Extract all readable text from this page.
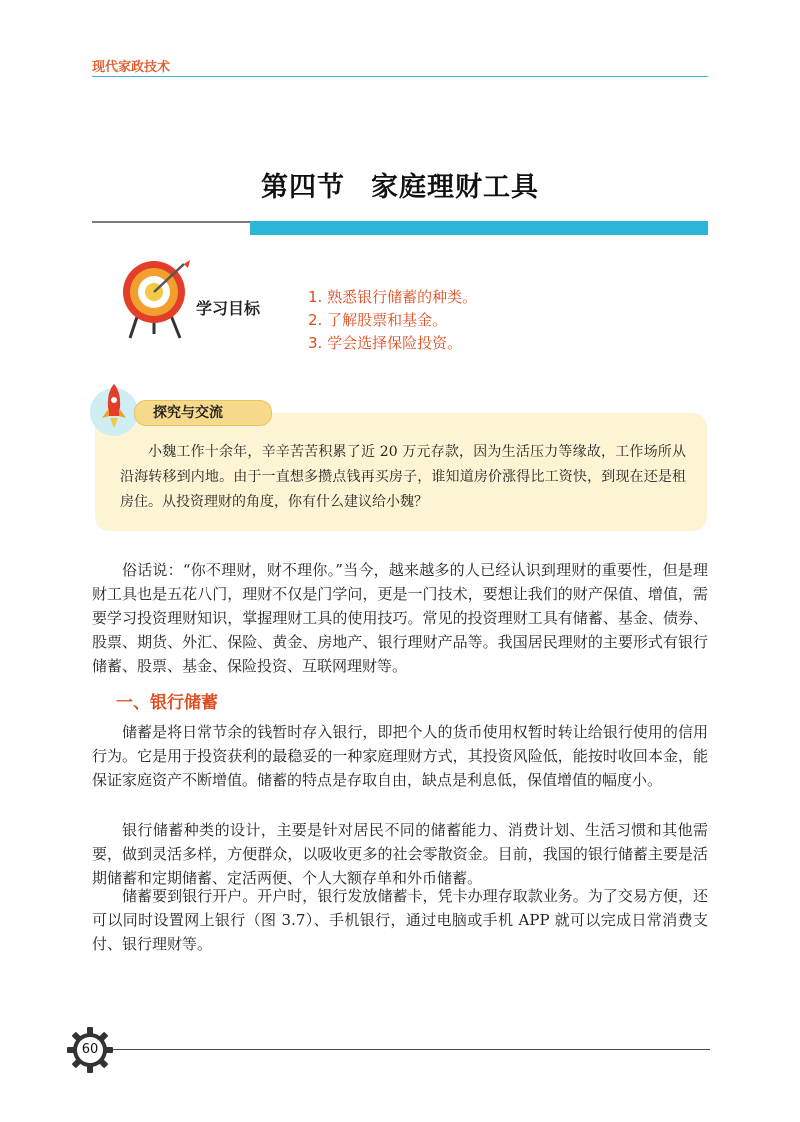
现代家政技术
第四节 家庭理财工具
学习目标
1. 熟悉银行储蓄的种类。
2. 了解股票和基金。
3. 学会选择保险投资。
探究与交流
小魏工作十余年，辛辛苦苦积累了近 20 万元存款，因为生活压力等缘故，工作场所从沿海转移到内地。由于一直想多攒点钱再买房子，谁知道房价涨得比工资快，到现在还是租房住。从投资理财的角度，你有什么建议给小魏？

俗话说：“你不理财，财不理你。”当今，越来越多的人已经认识到理财的重要性，但是理财工具也是五花八门，理财不仅是门学问，更是一门技术，要想让我们的财产保值、增值，需要学习投资理财知识，掌握理财工具的使用技巧。常见的投资理财工具有储蓄、基金、债券、股票、期货、外汇、保险、黄金、房地产、银行理财产品等。我国居民理财的主要形式有银行储蓄、股票、基金、保险投资、互联网理财等。

一、银行储蓄

储蓄是将日常节余的钱暂时存入银行，即把个人的货币使用权暂时转让给银行使用的信用行为。它是用于投资获利的最稳妥的一种家庭理财方式，其投资风险低，能按时收回本金，能保证家庭资产不断增值。储蓄的特点是存取自由，缺点是利息低，保值增值的幅度小。

银行储蓄种类的设计，主要是针对居民不同的储蓄能力、消费计划、生活习惯和其他需要，做到灵活多样，方便群众，以吸收更多的社会零散资金。目前，我国的银行储蓄主要是活期储蓄和定期储蓄、定活两便、个人大额存单和外币储蓄。

储蓄要到银行开户。开户时，银行发放储蓄卡，凭卡办理存取款业务。为了交易方便，还可以同时设置网上银行（图 3.7）、手机银行，通过电脑或手机 APP 就可以完成日常消费支付、银行理财等。

60
